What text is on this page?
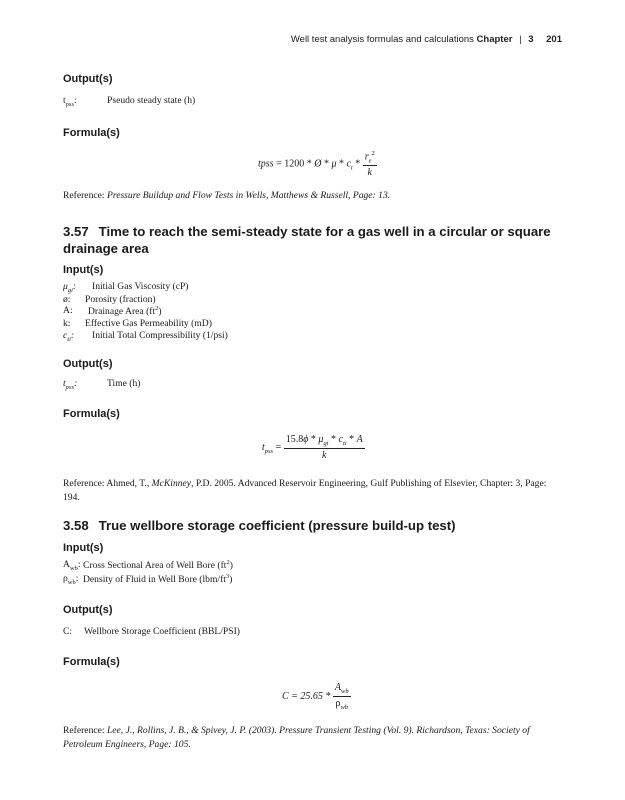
Well test analysis formulas and calculations Chapter | 3 201
Output(s)
$t_{pss}$:	Pseudo steady state (h)
Formula(s)
tpss = 1200 * Ø * μ * $c_t * \frac{r_e^2}{k}$
Reference: Pressure Buildup and Flow Tests in Wells, Matthews & Russell, Page: 13.
3.57 Time to reach the semi-steady state for a gas well in a circular or square drainage area
Input(s)
$\mu_{gi}$: Initial Gas Viscosity (cP)
ø: Porosity (fraction)
A: Drainage Area $(ft^2)$
k: Effective Gas Permeability (mD)
$c_{ti}$: Initial Total Compressibility (1/psi)
Output(s)
$t_{pss}$:	Time (h)
Formula(s)
$t_{pss} = \frac{15.8\phi * \mu_{gi} * c_{ti} * A}{k}$
Reference: Ahmed, T., McKinney, P.D. 2005. Advanced Reservoir Engineering, Gulf Publishing of Elsevier, Chapter: 3, Page: 194.
3.58 True wellbore storage coefficient (pressure build-up test)
Input(s)
$A_{wb}$: Cross Sectional Area of Well Bore $(ft^2)$
$\rho_{wb}$: Density of Fluid in Well Bore $(lbm/ft^3)$
Output(s)
C: Wellbore Storage Coefficient (BBL/PSI)
Formula(s)
$C = 25.65 * \frac{A_{wb}}{\rho_{wb}}$
Reference: Lee, J., Rollins, J. B., & Spivey, J. P. (2003). Pressure Transient Testing (Vol. 9). Richardson, Texas: Society of Petroleum Engineers, Page: 105.
